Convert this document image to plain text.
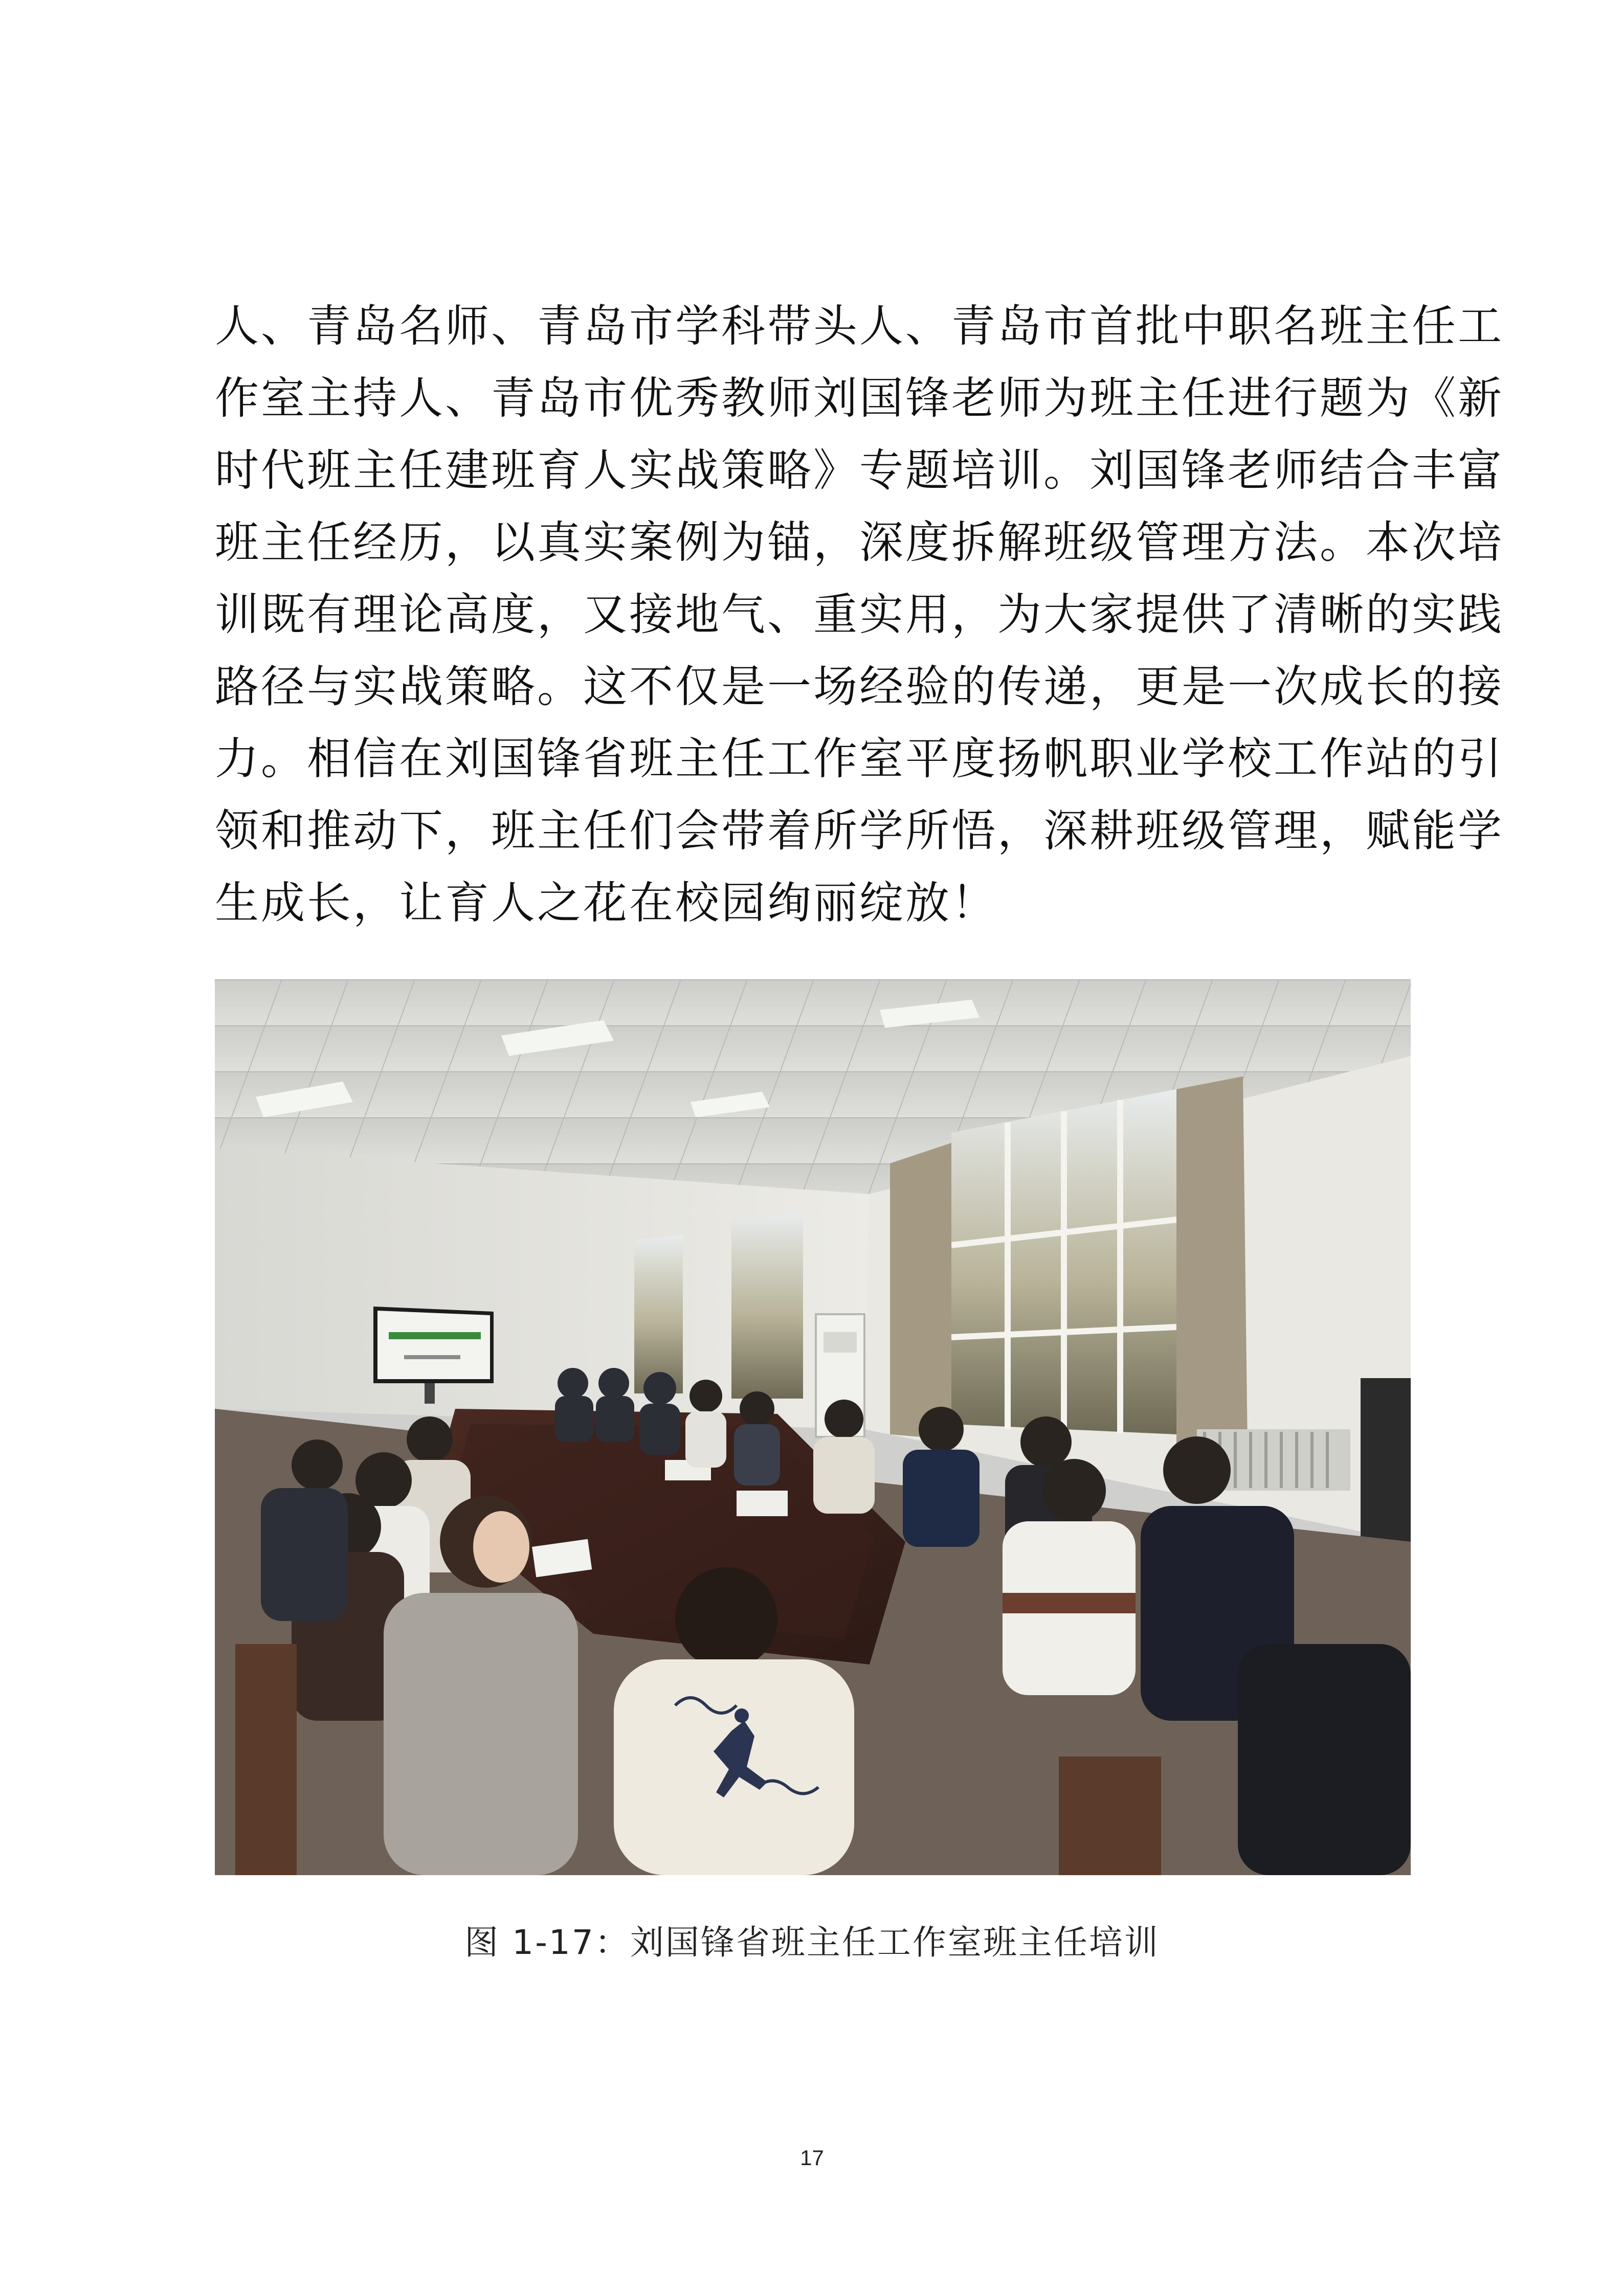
人、青岛名师、青岛市学科带头人、青岛市首批中职名班主任工
作室主持人、青岛市优秀教师刘国锋老师为班主任进行题为《新
时代班主任建班育人实战策略》专题培训。刘国锋老师结合丰富
班主任经历，以真实案例为锚，深度拆解班级管理方法。本次培
训既有理论高度，又接地气、重实用，为大家提供了清晰的实践
路径与实战策略。这不仅是一场经验的传递，更是一次成长的接
力。相信在刘国锋省班主任工作室平度扬帆职业学校工作站的引
领和推动下，班主任们会带着所学所悟，深耕班级管理，赋能学
生成长，让育人之花在校园绚丽绽放！

图 1-17：刘国锋省班主任工作室班主任培训
17
